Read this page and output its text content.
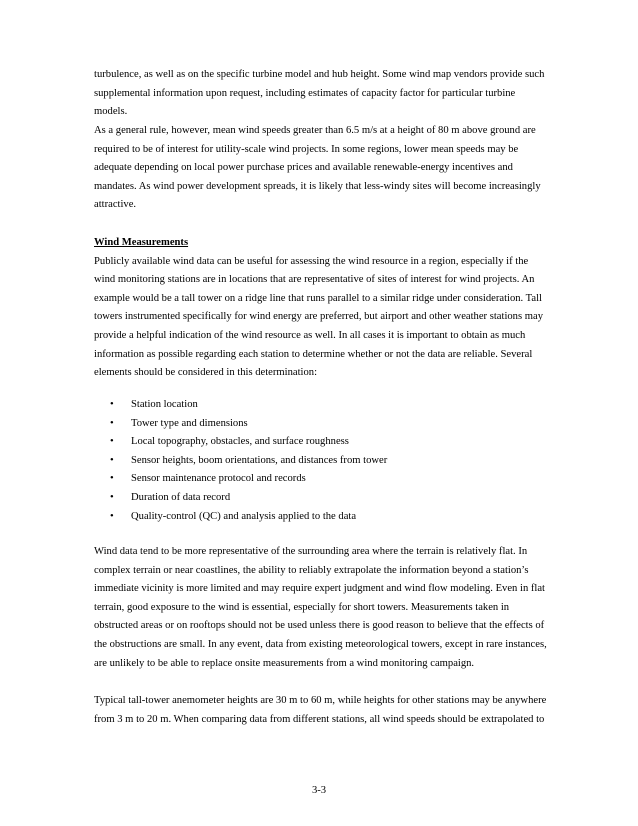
turbulence, as well as on the specific turbine model and hub height. Some wind map vendors provide such supplemental information upon request, including estimates of capacity factor for particular turbine models.

As a general rule, however, mean wind speeds greater than 6.5 m/s at a height of 80 m above ground are required to be of interest for utility-scale wind projects. In some regions, lower mean speeds may be adequate depending on local power purchase prices and available renewable-energy incentives and mandates. As wind power development spreads, it is likely that less-windy sites will become increasingly attractive.

Wind Measurements

Publicly available wind data can be useful for assessing the wind resource in a region, especially if the wind monitoring stations are in locations that are representative of sites of interest for wind projects. An example would be a tall tower on a ridge line that runs parallel to a similar ridge under consideration. Tall towers instrumented specifically for wind energy are preferred, but airport and other weather stations may provide a helpful indication of the wind resource as well. In all cases it is important to obtain as much information as possible regarding each station to determine whether or not the data are reliable. Several elements should be considered in this determination:

• Station location
• Tower type and dimensions
• Local topography, obstacles, and surface roughness
• Sensor heights, boom orientations, and distances from tower
• Sensor maintenance protocol and records
• Duration of data record
• Quality-control (QC) and analysis applied to the data

Wind data tend to be more representative of the surrounding area where the terrain is relatively flat. In complex terrain or near coastlines, the ability to reliably extrapolate the information beyond a station’s immediate vicinity is more limited and may require expert judgment and wind flow modeling. Even in flat terrain, good exposure to the wind is essential, especially for short towers. Measurements taken in obstructed areas or on rooftops should not be used unless there is good reason to believe that the effects of the obstructions are small. In any event, data from existing meteorological towers, except in rare instances, are unlikely to be able to replace onsite measurements from a wind monitoring campaign.

Typical tall-tower anemometer heights are 30 m to 60 m, while heights for other stations may be anywhere from 3 m to 20 m. When comparing data from different stations, all wind speeds should be extrapolated to

3-3
